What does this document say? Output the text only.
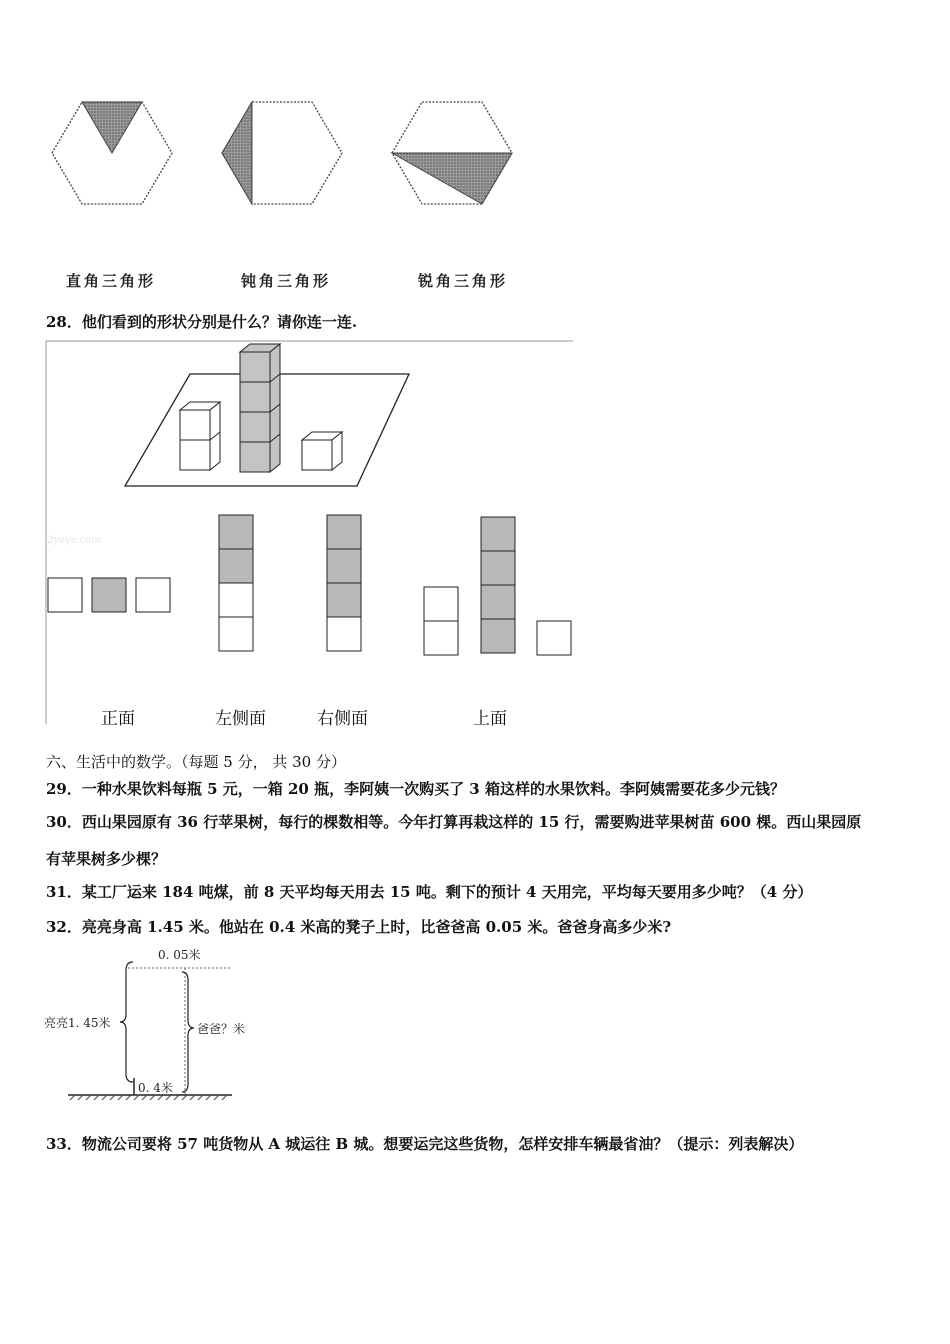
直角三角形	钝角三角形	锐角三角形
28．他们看到的形状分别是什么？请你连一连.
2yeye.com
正面	左侧面	右侧面	上面
六、生活中的数学。（每题 5 分， 共 30 分）
29．一种水果饮料每瓶 5 元，一箱 20 瓶，李阿姨一次购买了 3 箱这样的水果饮料。李阿姨需要花多少元钱？
30．西山果园原有 36 行苹果树，每行的棵数相等。今年打算再栽这样的 15 行，需要购进苹果树苗 600 棵。西山果园原
有苹果树多少棵？
31．某工厂运来 184 吨煤，前 8 天平均每天用去 15 吨。剩下的预计 4 天用完，平均每天要用多少吨？（4 分）
32．亮亮身高 1.45 米。他站在 0.4 米高的凳子上时，比爸爸高 0.05 米。爸爸身高多少米?
0. 05米
亮亮1. 45米	爸爸？米
0. 4米
33．物流公司要将 57 吨货物从 A 城运往 B 城。想要运完这些货物，怎样安排车辆最省油？（提示：列表解决）
